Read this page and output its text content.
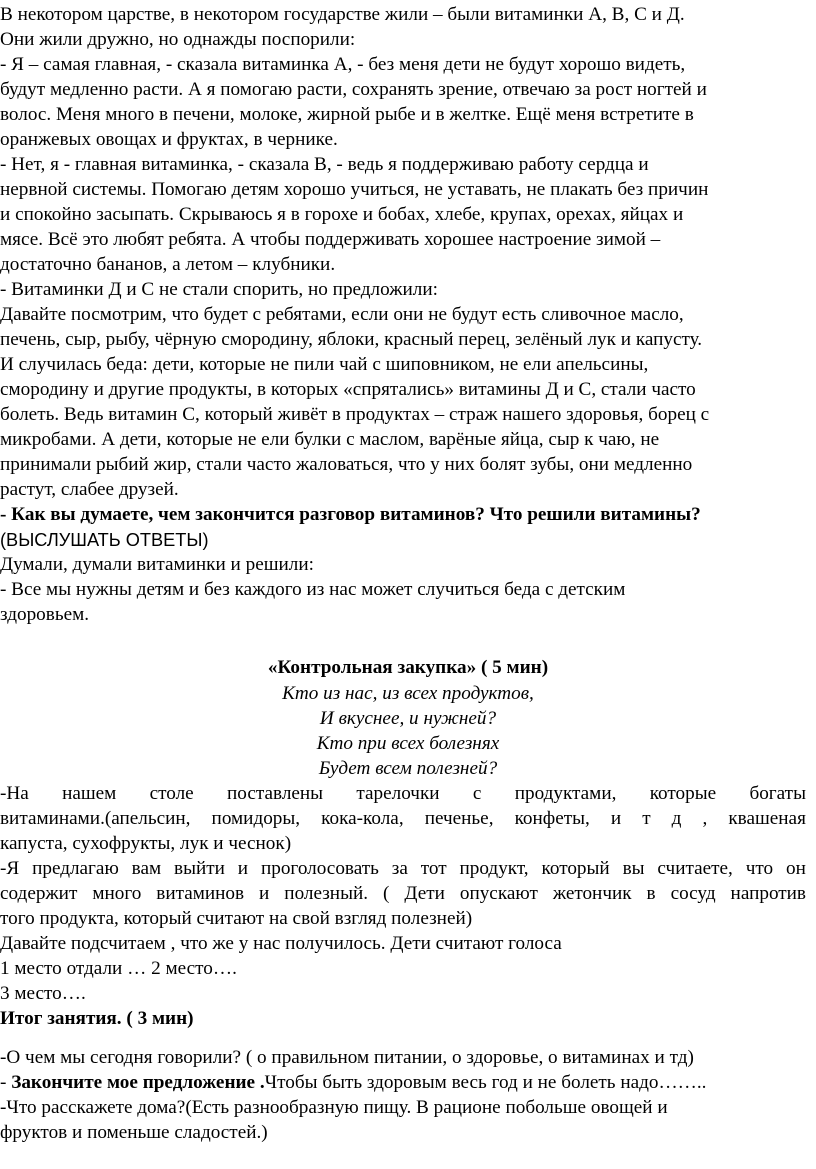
В некотором царстве, в некотором государстве жили – были витаминки А, В, С и Д.
Они жили дружно, но однажды поспорили:
- Я – самая главная, - сказала витаминка А, - без меня дети не будут хорошо видеть,
будут медленно расти. А я помогаю расти, сохранять зрение, отвечаю за рост ногтей и
волос. Меня много в печени, молоке, жирной рыбе и в желтке. Ещё меня встретите в
оранжевых овощах и фруктах, в чернике.
- Нет, я - главная витаминка, - сказала В, - ведь я поддерживаю работу сердца и
нервной системы. Помогаю детям хорошо учиться, не уставать, не плакать без причин
и спокойно засыпать. Скрываюсь я в горохе и бобах, хлебе, крупах, орехах, яйцах и
мясе. Всё это любят ребята. А чтобы поддерживать хорошее настроение зимой –
достаточно бананов, а летом – клубники.
- Витаминки Д и С не стали спорить, но предложили:
Давайте посмотрим, что будет с ребятами, если они не будут есть сливочное масло,
печень, сыр, рыбу, чёрную смородину, яблоки, красный перец, зелёный лук и капусту.
И случилась беда: дети, которые не пили чай с шиповником, не ели апельсины,
смородину и другие продукты, в которых «спрятались» витамины Д и С, стали часто
болеть. Ведь витамин С, который живёт в продуктах – страж нашего здоровья, борец с
микробами. А дети, которые не ели булки с маслом, варёные яйца, сыр к чаю, не
принимали рыбий жир, стали часто жаловаться, что у них болят зубы, они медленно
растут, слабее друзей.
- Как вы думаете, чем закончится разговор витаминов? Что решили витамины?
(ВЫСЛУШАТЬ ОТВЕТЫ)
Думали, думали витаминки и решили:
- Все мы нужны детям и без каждого из нас может случиться беда с детским
здоровьем.
«Контрольная закупка» ( 5 мин)
Кто из нас, из всех продуктов,
И вкуснее, и нужней?
Кто при всех болезнях
Будет всем полезней?
-На нашем столе поставлены тарелочки с продуктами, которые богаты
витаминами.(апельсин, помидоры, кока-кола, печенье, конфеты, и т д , квашеная
капуста, сухофрукты, лук и чеснок)
-Я предлагаю вам выйти и проголосовать за тот продукт, который вы считаете, что он
содержит много витаминов и полезный. ( Дети опускают жетончик в сосуд напротив
того продукта, который считают на свой взгляд полезней)
Давайте подсчитаем , что же у нас получилось. Дети считают голоса
1 место отдали … 2 место….
3 место….
Итог занятия. ( 3 мин)
-О чем мы сегодня говорили? ( о правильном питании, о здоровье, о витаминах и тд)
- Закончите мое предложение .Чтобы быть здоровым весь год и не болеть надо……..
-Что расскажете дома?(Есть разнообразную пищу. В рационе побольше овощей и
фруктов и поменьше сладостей.)
